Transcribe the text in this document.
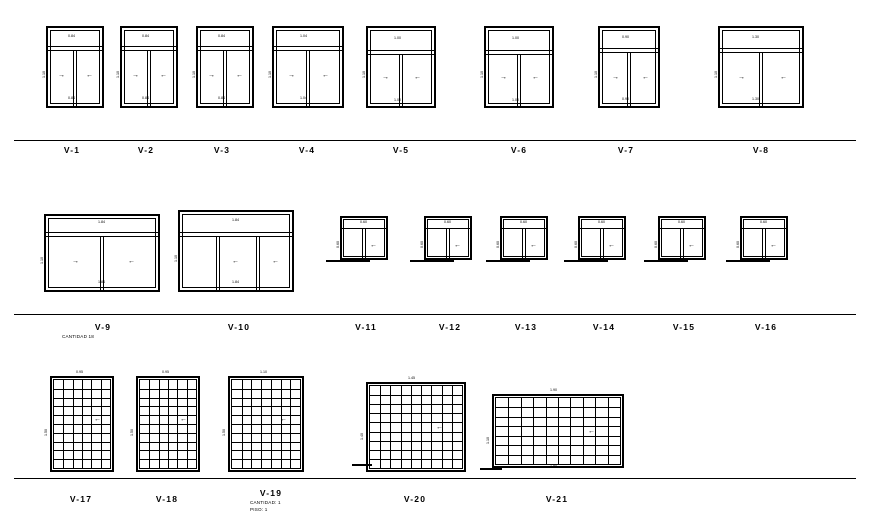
→	←
0.84
0.84
1.10
V-1
→	←
0.84
0.84
1.10
V-2
→	←
0.84
0.84
1.10
V-3
→	←
1.04
1.04
1.10
V-4
→	←
1.00
1.00
1.10
V-5
→	←
1.00
1.00
1.10
V-6
→	←
0.90
0.90
1.10
V-7
→	←
1.30
1.30
1.10
V-8
→	←
1.84
1.84
1.10
V-9
CANTIDAD 18
←	←
1.84
1.84
1.10
V-10
←
0.60
0.60
V-11
←
0.60
0.60
V-12
←
0.60
0.60
V-13
←
0.60
0.60
V-14
←
0.60
0.60
V-15
←
0.60
0.60
V-16
0.95
1.50
←
V-17
0.95
1.50
←
V-18
1.10
1.50
←
V-19
CANTIDAD: 1
PISO: 1
1.45
1.40
←
V-20
1.90
1.90
1.10
←
V-21
